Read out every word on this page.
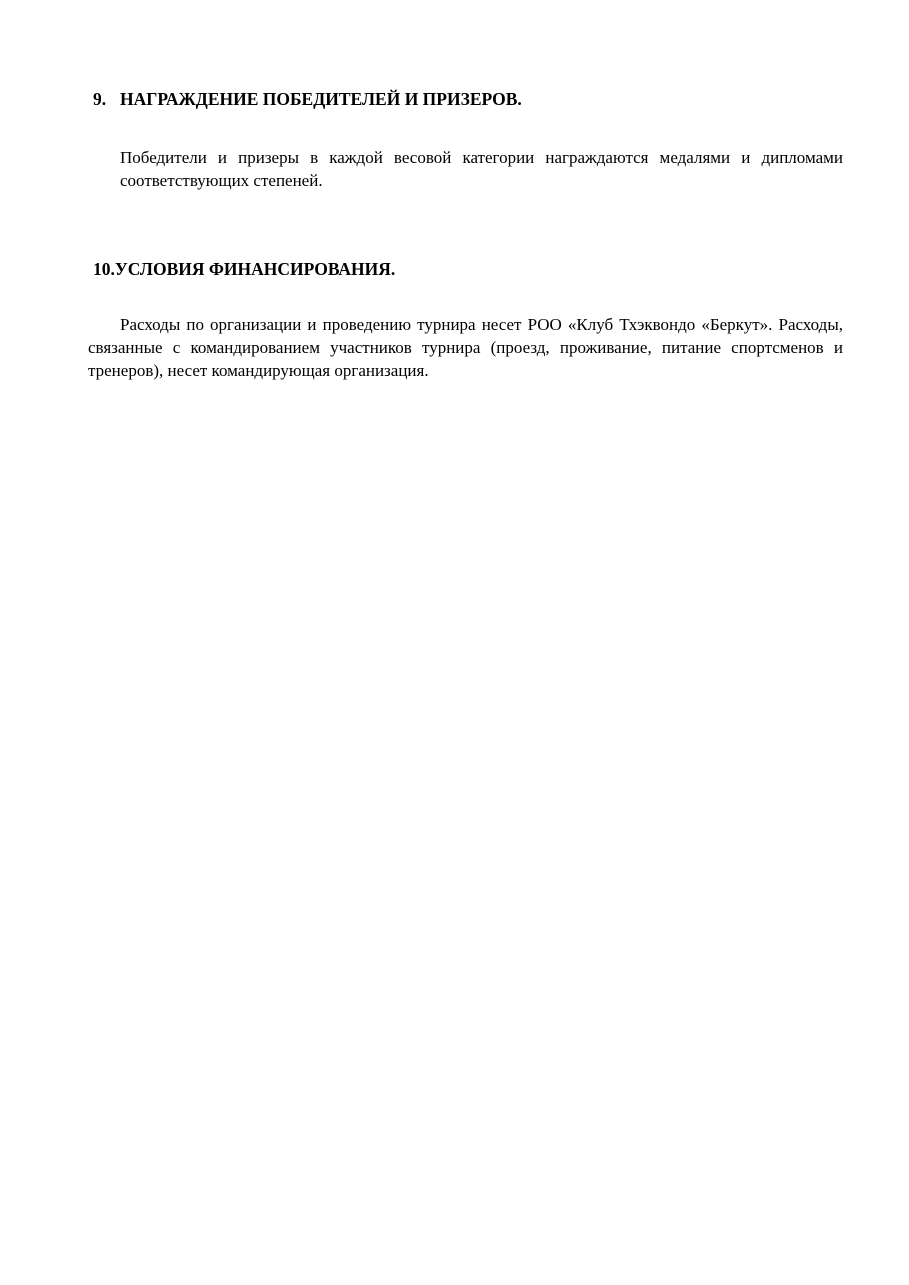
9. НАГРАЖДЕНИЕ ПОБЕДИТЕЛЕЙ И ПРИЗЕРОВ.

Победители и призеры в каждой весовой категории награждаются медалями и дипломами соответствующих степеней.

10.УСЛОВИЯ ФИНАНСИРОВАНИЯ.

Расходы по организации и проведению турнира несет РОО «Клуб Тхэквондо «Беркут». Расходы, связанные с командированием участников турнира (проезд, проживание, питание спортсменов и тренеров), несет командирующая организация.
